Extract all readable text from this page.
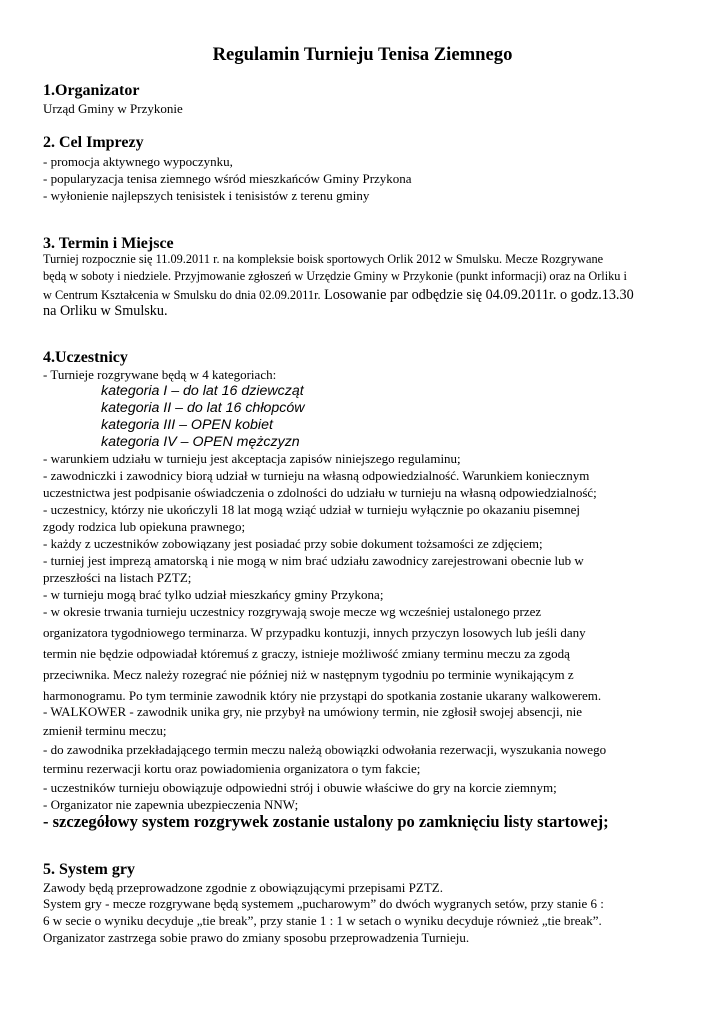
Regulamin Turnieju Tenisa Ziemnego
1.Organizator
Urząd Gminy w Przykonie
2. Cel Imprezy
- promocja aktywnego wypoczynku,
- popularyzacja tenisa ziemnego wśród mieszkańców Gminy Przykona
- wyłonienie najlepszych tenisistek i tenisistów z terenu gminy
3. Termin i Miejsce
Turniej rozpocznie się 11.09.2011 r. na kompleksie boisk sportowych Orlik 2012 w Smulsku. Mecze Rozgrywane
będą w soboty i niedziele. Przyjmowanie zgłoszeń w Urzędzie Gminy w Przykonie (punkt informacji) oraz na Orliku i
w Centrum Kształcenia w Smulsku do dnia 02.09.2011r. Losowanie par odbędzie się 04.09.2011r. o godz.13.30
na Orliku w Smulsku.
4.Uczestnicy
- Turnieje rozgrywane będą w 4 kategoriach:
kategoria I – do lat 16 dziewcząt
kategoria II – do lat 16 chłopców
kategoria III – OPEN kobiet
kategoria IV – OPEN mężczyzn
- warunkiem udziału w turnieju jest akceptacja zapisów niniejszego regulaminu;
- zawodniczki i zawodnicy biorą udział w turnieju na własną odpowiedzialność. Warunkiem koniecznym
uczestnictwa jest podpisanie oświadczenia o zdolności do udziału w turnieju na własną odpowiedzialność;
- uczestnicy, którzy nie ukończyli 18 lat mogą wziąć udział w turnieju wyłącznie po okazaniu pisemnej
zgody rodzica lub opiekuna prawnego;
- każdy z uczestników zobowiązany jest posiadać przy sobie dokument tożsamości ze zdjęciem;
- turniej jest imprezą amatorską i nie mogą w nim brać udziału zawodnicy zarejestrowani obecnie lub w
przeszłości na listach PZTZ;
- w turnieju mogą brać tylko udział mieszkańcy gminy Przykona;
- w okresie trwania turnieju uczestnicy rozgrywają swoje mecze wg wcześniej ustalonego przez
organizatora tygodniowego terminarza. W przypadku kontuzji, innych przyczyn losowych lub jeśli dany
termin nie będzie odpowiadał któremuś z graczy, istnieje możliwość zmiany terminu meczu za zgodą
przeciwnika. Mecz należy rozegrać nie później niż w następnym tygodniu po terminie wynikającym z
harmonogramu. Po tym terminie zawodnik który nie przystąpi do spotkania zostanie ukarany walkowerem.
- WALKOWER - zawodnik unika gry, nie przybył na umówiony termin, nie zgłosił swojej absencji, nie
zmienił terminu meczu;
- do zawodnika przekładającego termin meczu należą obowiązki odwołania rezerwacji, wyszukania nowego
terminu rezerwacji kortu oraz powiadomienia organizatora o tym fakcie;
- uczestników turnieju obowiązuje odpowiedni strój i obuwie właściwe do gry na korcie ziemnym;
- Organizator nie zapewnia ubezpieczenia NNW;
- szczegółowy system rozgrywek zostanie ustalony po zamknięciu listy startowej;
5. System gry
Zawody będą przeprowadzone zgodnie z obowiązującymi przepisami PZTZ.
System gry - mecze rozgrywane będą systemem „pucharowym” do dwóch wygranych setów, przy stanie 6 :
6 w secie o wyniku decyduje „tie break”, przy stanie 1 : 1 w setach o wyniku decyduje również „tie break”.
Organizator zastrzega sobie prawo do zmiany sposobu przeprowadzenia Turnieju.
